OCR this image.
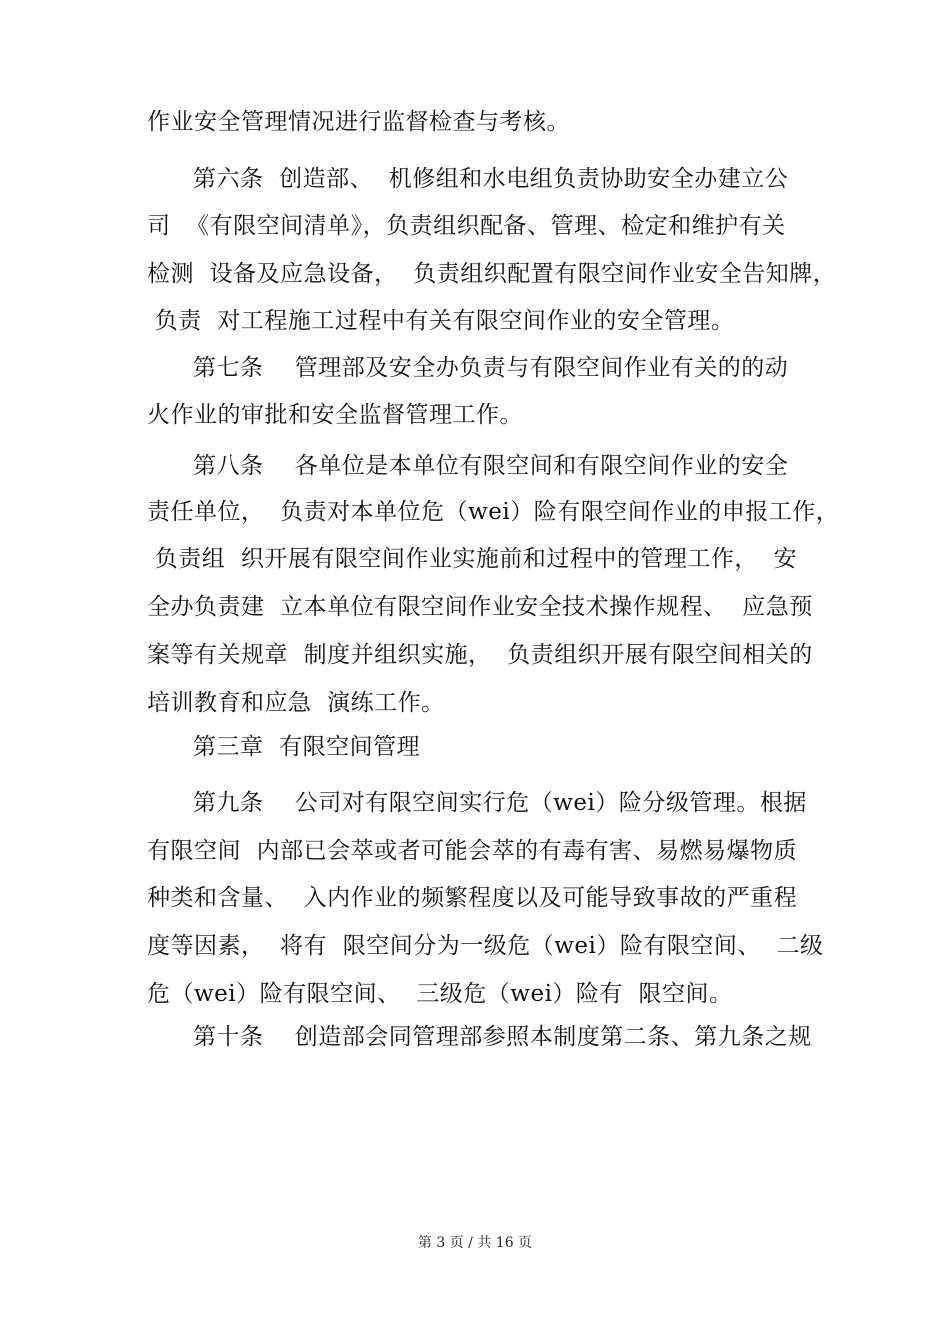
作业安全管理情况进行监督检查与考核。
第六条  创造部、  机修组和水电组负责协助安全办建立公
司  《有限空间清单》，负责组织配备、管理、检定和维护有关
检测  设备及应急设备，  负责组织配置有限空间作业安全告知牌，
负责  对工程施工过程中有关有限空间作业的安全管理。
第七条    管理部及安全办负责与有限空间作业有关的的动
火作业的审批和安全监督管理工作。
第八条    各单位是本单位有限空间和有限空间作业的安全
责任单位，  负责对本单位危（wei）险有限空间作业的申报工作，
负责组  织开展有限空间作业实施前和过程中的管理工作，  安
全办负责建  立本单位有限空间作业安全技术操作规程、  应急预
案等有关规章  制度并组织实施，  负责组织开展有限空间相关的
培训教育和应急  演练工作。
第三章  有限空间管理
第九条    公司对有限空间实行危（wei）险分级管理。根据
有限空间  内部已会萃或者可能会萃的有毒有害、易燃易爆物质
种类和含量、  入内作业的频繁程度以及可能导致事故的严重程
度等因素，  将有  限空间分为一级危（wei）险有限空间、  二级
危（wei）险有限空间、  三级危（wei）险有  限空间。
第十条    创造部会同管理部参照本制度第二条、第九条之规
第 3 页 / 共 16 页
